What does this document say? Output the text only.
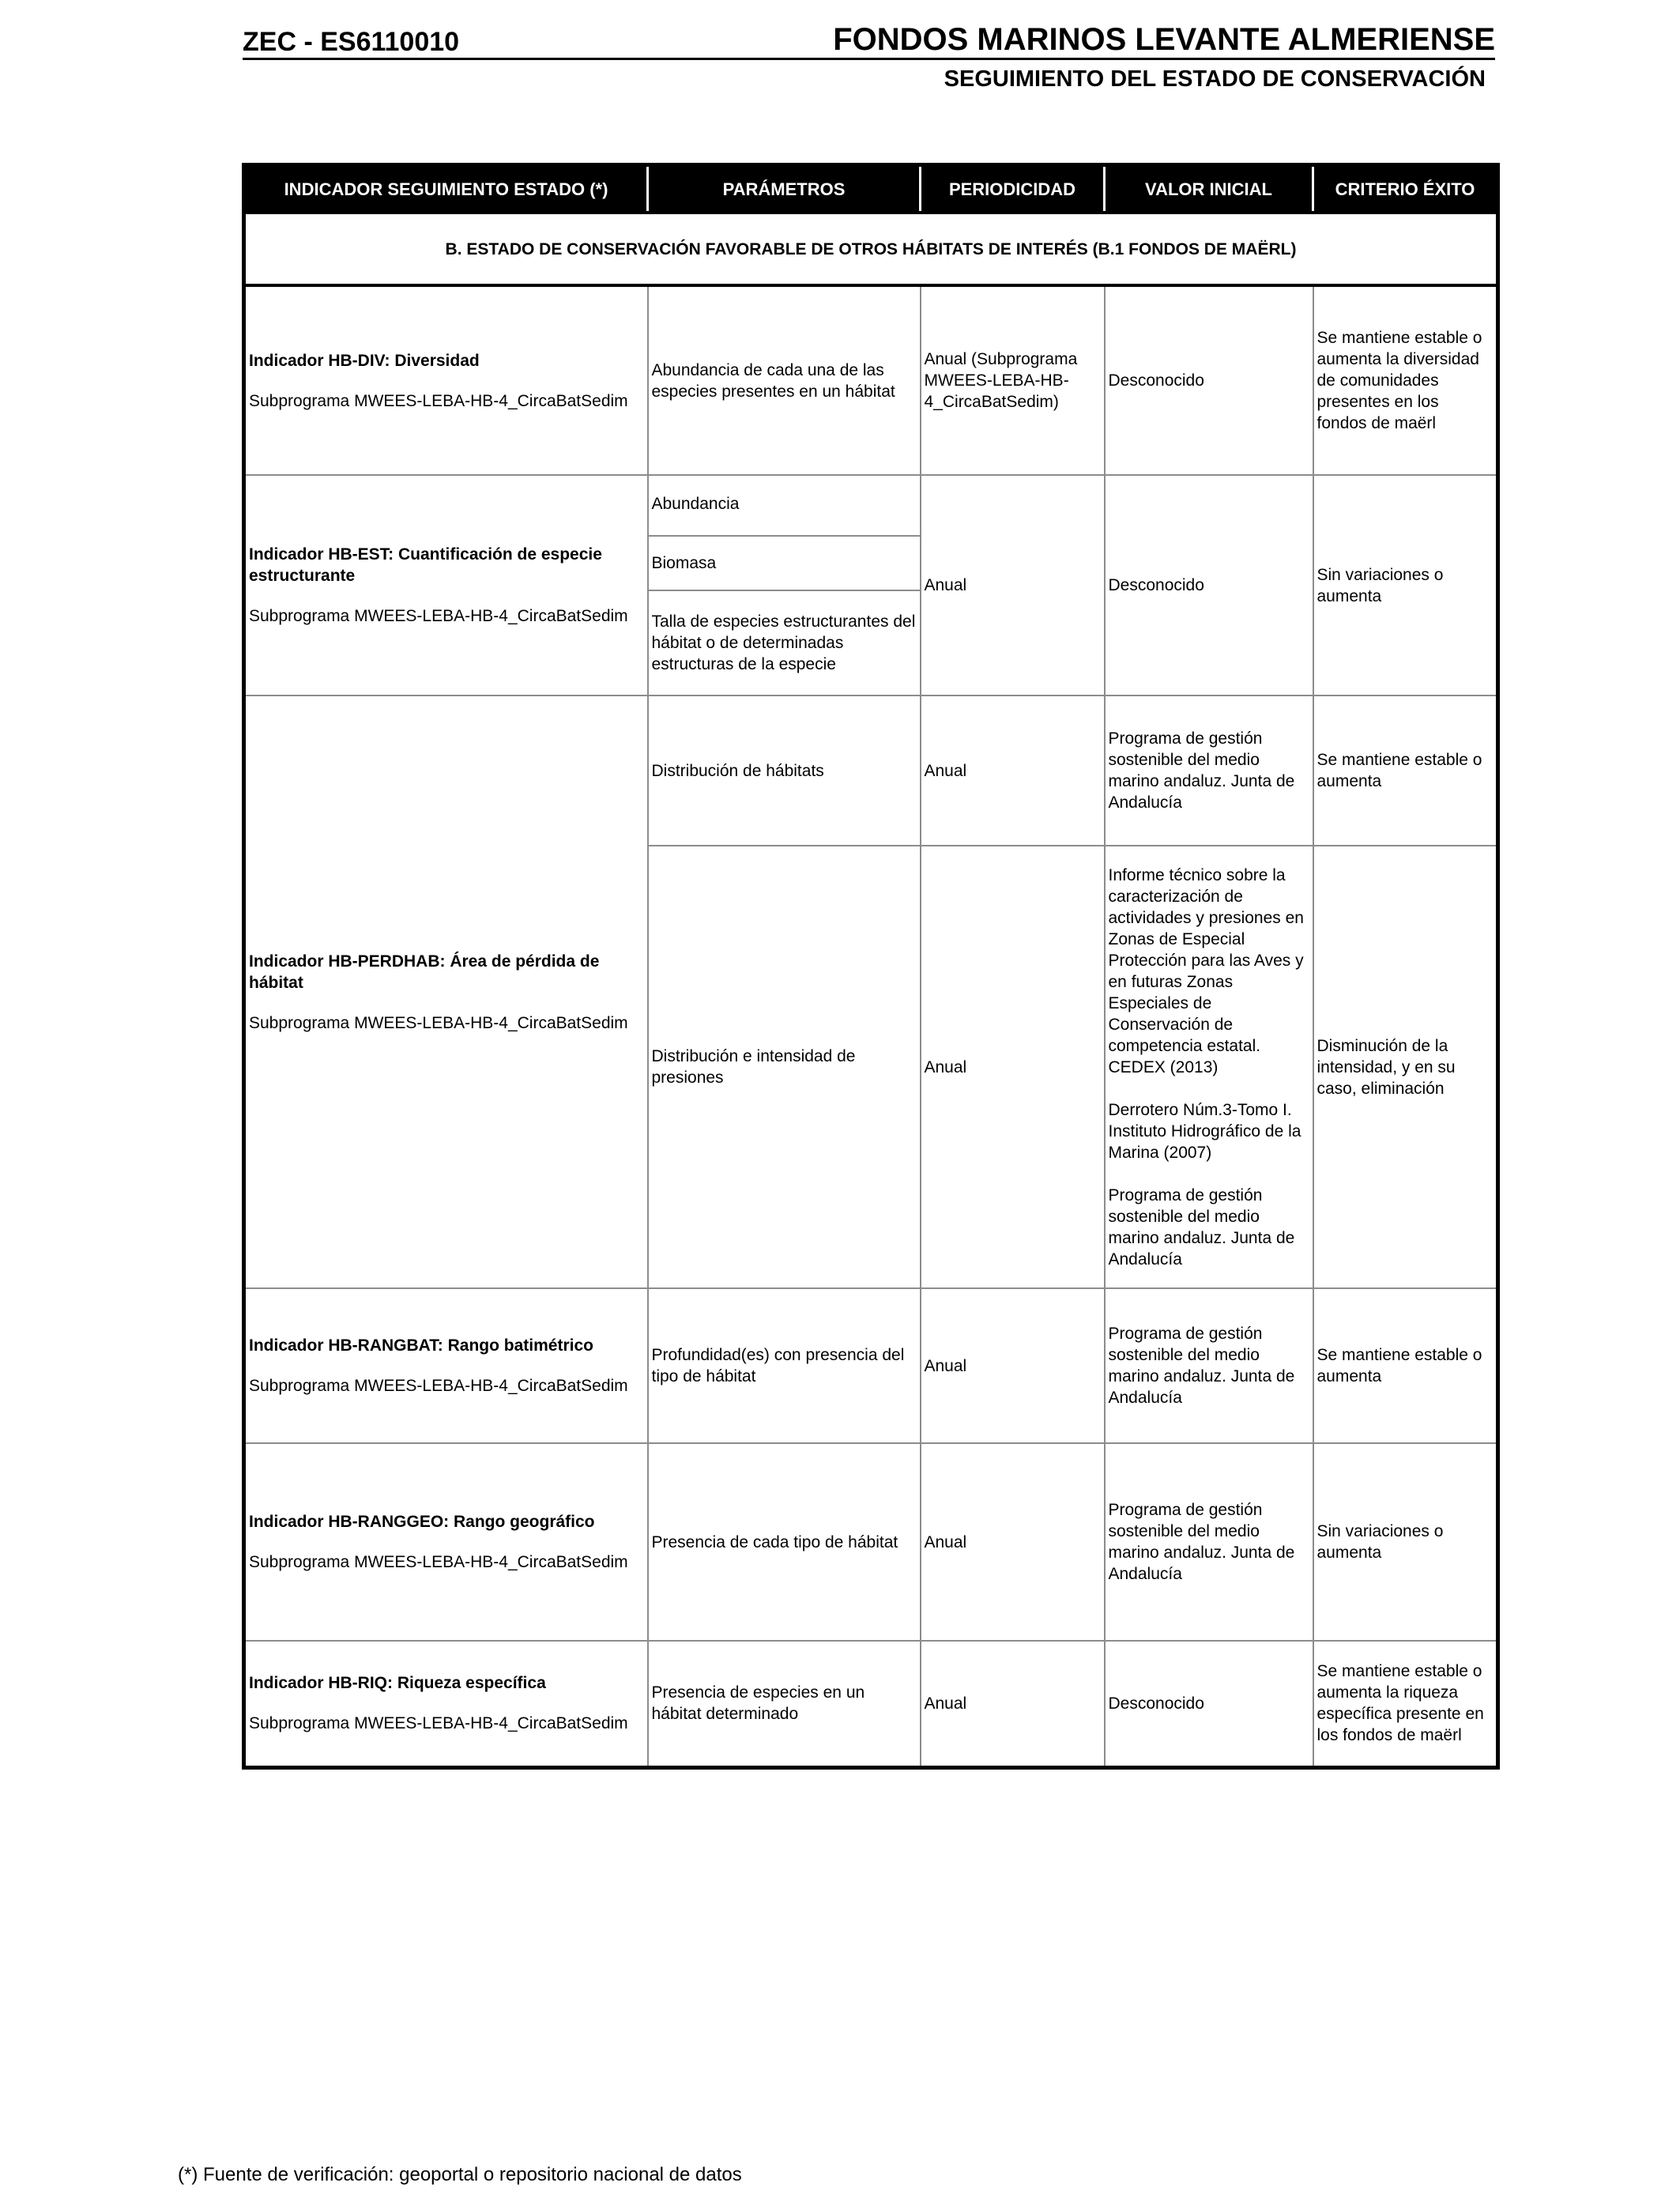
ZEC - ES6110010	FONDOS MARINOS LEVANTE ALMERIENSE
SEGUIMIENTO DEL ESTADO DE CONSERVACIÓN
INDICADOR SEGUIMIENTO ESTADO (*)	PARÁMETROS	PERIODICIDAD	VALOR INICIAL	CRITERIO ÉXITO
B. ESTADO DE CONSERVACIÓN FAVORABLE DE OTROS HÁBITATS DE INTERÉS (B.1 FONDOS DE MAËRL)				

Indicador HB-DIV: Diversidad
Subprograma MWEES-LEBA-HB-4_CircaBatSedim	Abundancia de cada una de las especies presentes en un hábitat	Anual (Subprograma MWEES-LEBA-HB-4_CircaBatSedim)	Desconocido	Se mantiene estable o aumenta la diversidad de comunidades presentes en los fondos de maërl

Indicador HB-EST: Cuantificación de especie estructurante
Subprograma MWEES-LEBA-HB-4_CircaBatSedim	Abundancia	Anual	Desconocido	Sin variaciones o aumenta
	Biomasa			
	Talla de especies estructurantes del hábitat o de determinadas estructuras de la especie			

Indicador HB-PERDHAB: Área de pérdida de hábitat
Subprograma MWEES-LEBA-HB-4_CircaBatSedim	Distribución de hábitats	Anual	Programa de gestión sostenible del medio marino andaluz. Junta de Andalucía	Se mantiene estable o aumenta
	Distribución e intensidad de presiones	Anual	Informe técnico sobre la caracterización de actividades y presiones en Zonas de Especial Protección para las Aves y en futuras Zonas Especiales de Conservación de competencia estatal. CEDEX (2013)
Derrotero Núm.3-Tomo I. Instituto Hidrográfico de la Marina (2007)
Programa de gestión sostenible del medio marino andaluz. Junta de Andalucía	Disminución de la intensidad, y en su caso, eliminación

Indicador HB-RANGBAT: Rango batimétrico
Subprograma MWEES-LEBA-HB-4_CircaBatSedim	Profundidad(es) con presencia del tipo de hábitat	Anual	Programa de gestión sostenible del medio marino andaluz. Junta de Andalucía	Se mantiene estable o aumenta

Indicador HB-RANGGEO: Rango geográfico
Subprograma MWEES-LEBA-HB-4_CircaBatSedim	Presencia de cada tipo de hábitat	Anual	Programa de gestión sostenible del medio marino andaluz. Junta de Andalucía	Sin variaciones o aumenta

Indicador HB-RIQ: Riqueza específica
Subprograma MWEES-LEBA-HB-4_CircaBatSedim	Presencia de especies en un hábitat determinado	Anual	Desconocido	Se mantiene estable o aumenta la riqueza específica presente en los fondos de maërl
(*) Fuente de verificación: geoportal o repositorio nacional de datos
